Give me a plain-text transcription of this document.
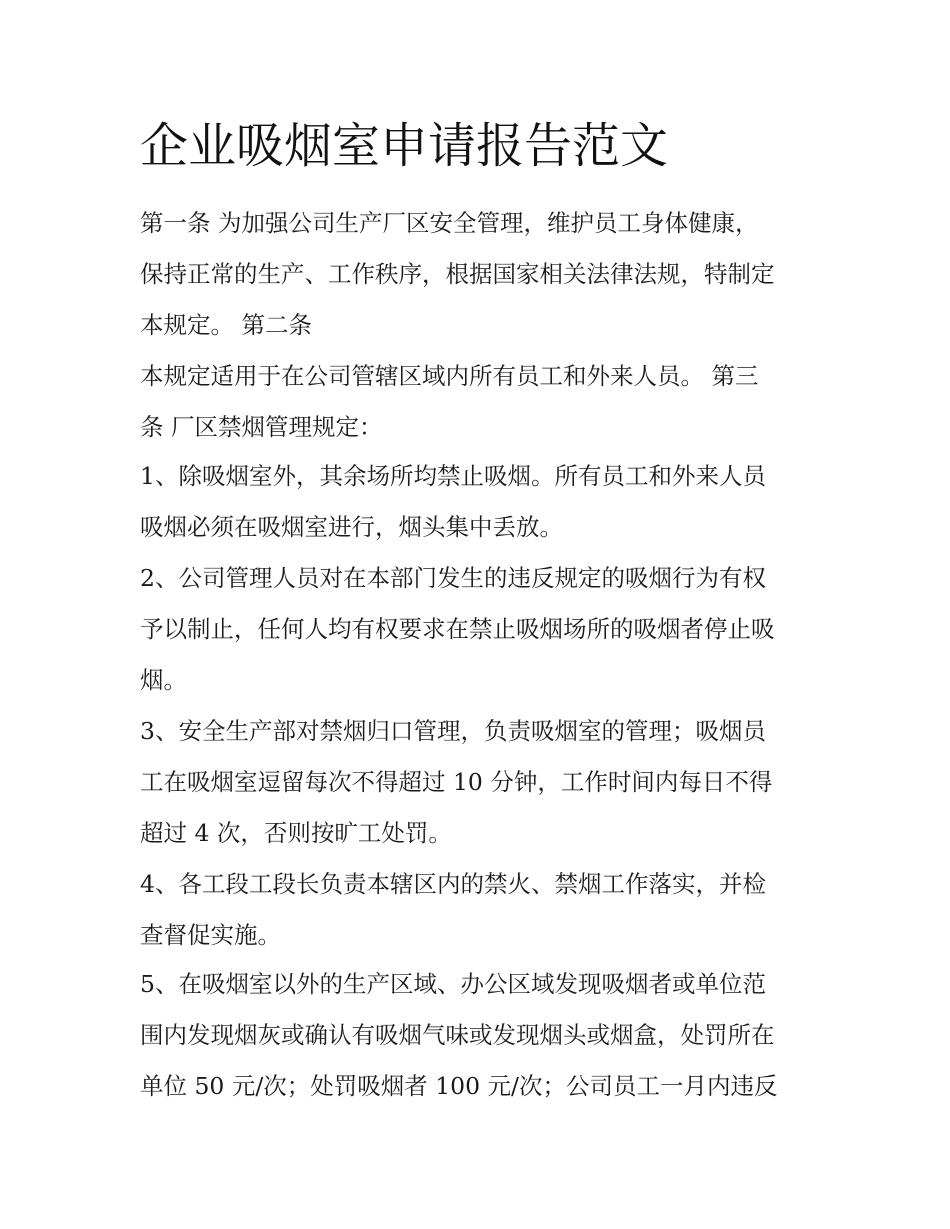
企业吸烟室申请报告范文

第一条 为加强公司生产厂区安全管理，维护员工身体健康，

保持正常的生产、工作秩序，根据国家相关法律法规，特制定

本规定。 第二条

本规定适用于在公司管辖区域内所有员工和外来人员。 第三

条 厂区禁烟管理规定：

1、除吸烟室外，其余场所均禁止吸烟。所有员工和外来人员

吸烟必须在吸烟室进行，烟头集中丢放。

2、公司管理人员对在本部门发生的违反规定的吸烟行为有权

予以制止，任何人均有权要求在禁止吸烟场所的吸烟者停止吸

烟。

3、安全生产部对禁烟归口管理，负责吸烟室的管理；吸烟员

工在吸烟室逗留每次不得超过 10 分钟，工作时间内每日不得

超过 4 次，否则按旷工处罚。

4、各工段工段长负责本辖区内的禁火、禁烟工作落实，并检

查督促实施。

5、在吸烟室以外的生产区域、办公区域发现吸烟者或单位范

围内发现烟灰或确认有吸烟气味或发现烟头或烟盒，处罚所在

单位 50 元/次；处罚吸烟者 100 元/次；公司员工一月内违反
